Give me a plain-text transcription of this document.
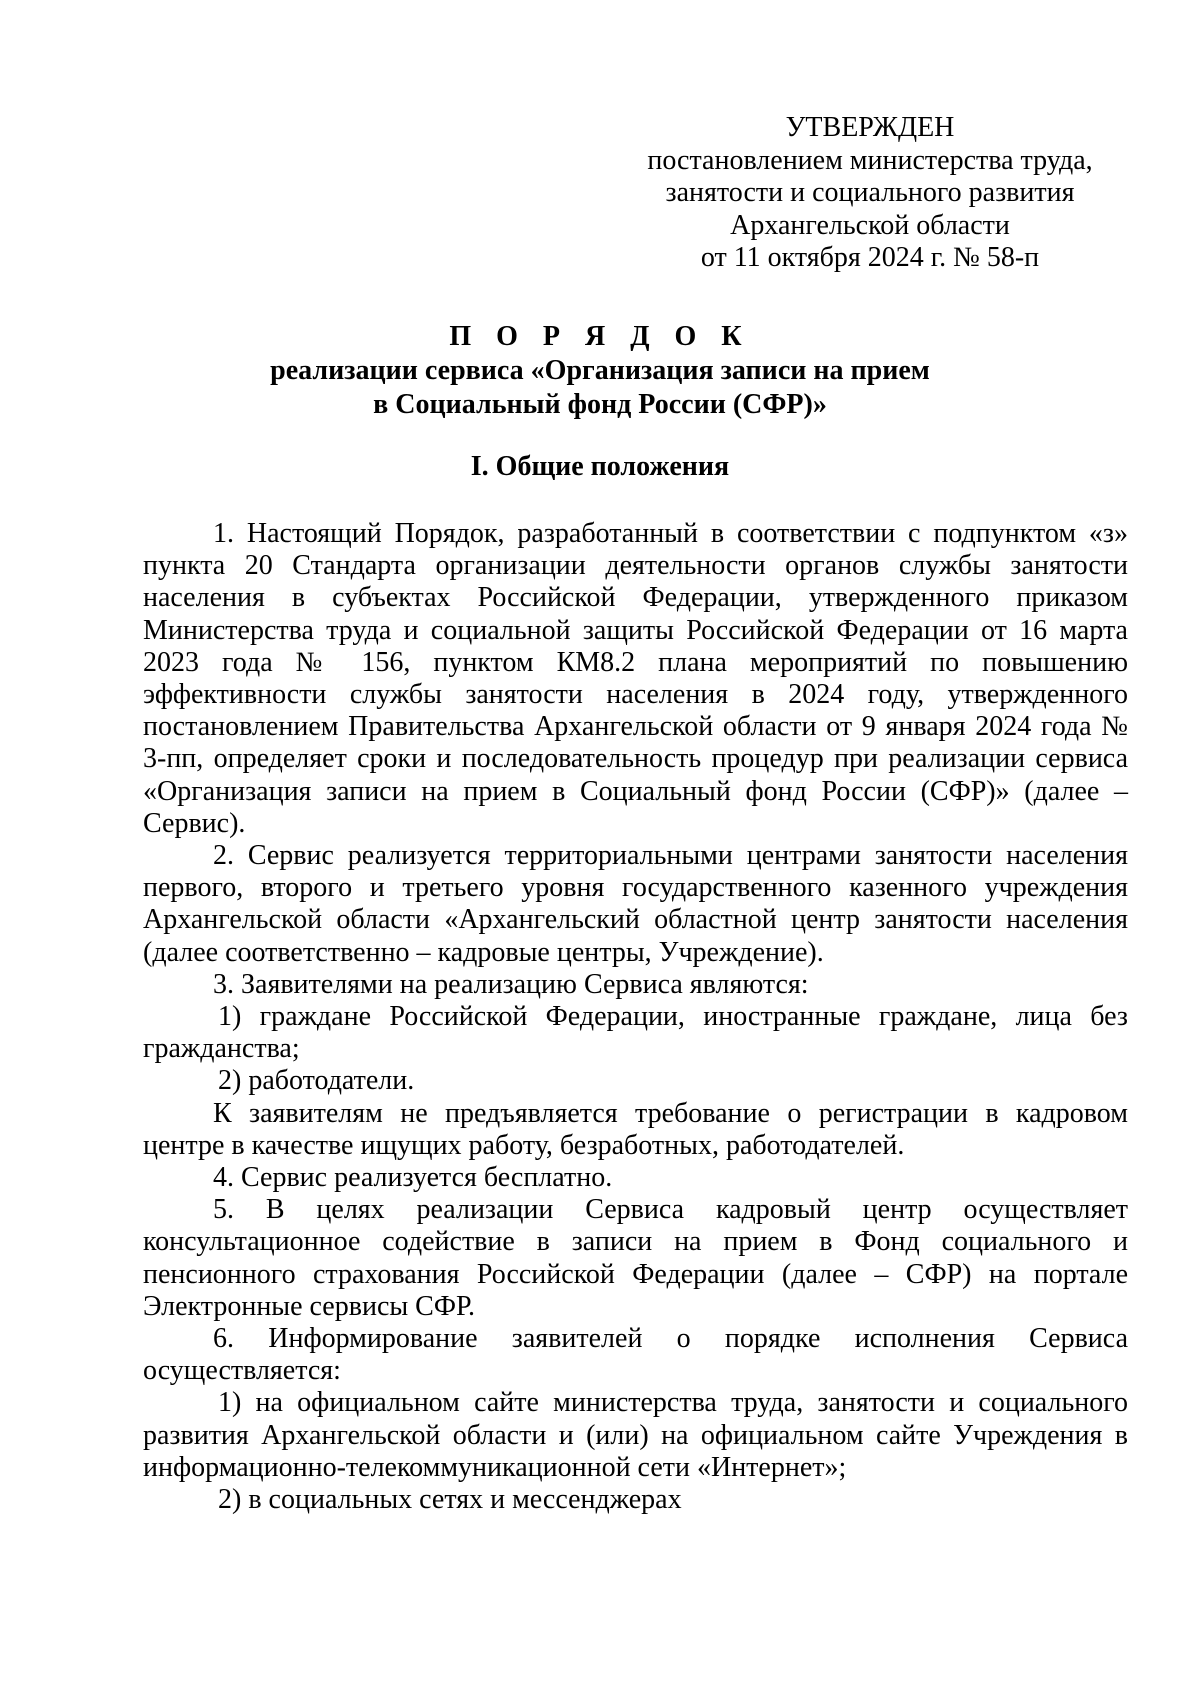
УТВЕРЖДЕН
постановлением министерства труда,
занятости и социального развития
Архангельской области
от 11 октября 2024 г. № 58-п
П О Р Я Д О К
реализации сервиса «Организация записи на прием
в Социальный фонд России (СФР)»
I. Общие положения

1. Настоящий Порядок, разработанный в соответствии с подпунктом «з» пункта 20 Стандарта организации деятельности органов службы занятости населения в субъектах Российской Федерации, утвержденного приказом Министерства труда и социальной защиты Российской Федерации от 16 марта 2023 года № 156, пунктом КМ8.2 плана мероприятий по повышению эффективности службы занятости населения в 2024 году, утвержденного постановлением Правительства Архангельской области от 9 января 2024 года № 3-пп, определяет сроки и последовательность процедур при реализации сервиса «Организация записи на прием в Социальный фонд России (СФР)» (далее – Сервис).

2. Сервис реализуется территориальными центрами занятости населения первого, второго и третьего уровня государственного казенного учреждения Архангельской области «Архангельский областной центр занятости населения (далее соответственно – кадровые центры, Учреждение).

3. Заявителями на реализацию Сервиса являются:

1) граждане Российской Федерации, иностранные граждане, лица без гражданства;

2) работодатели.

К заявителям не предъявляется требование о регистрации в кадровом центре в качестве ищущих работу, безработных, работодателей.

4. Сервис реализуется бесплатно.

5. В целях реализации Сервиса кадровый центр осуществляет консультационное содействие в записи на прием в Фонд социального и пенсионного страхования Российской Федерации (далее – СФР) на портале Электронные сервисы СФР.

6. Информирование заявителей о порядке исполнения Сервиса осуществляется:

1) на официальном сайте министерства труда, занятости и социального развития Архангельской области и (или) на официальном сайте Учреждения в информационно-телекоммуникационной сети «Интернет»;

2) в социальных сетях и мессенджерах
